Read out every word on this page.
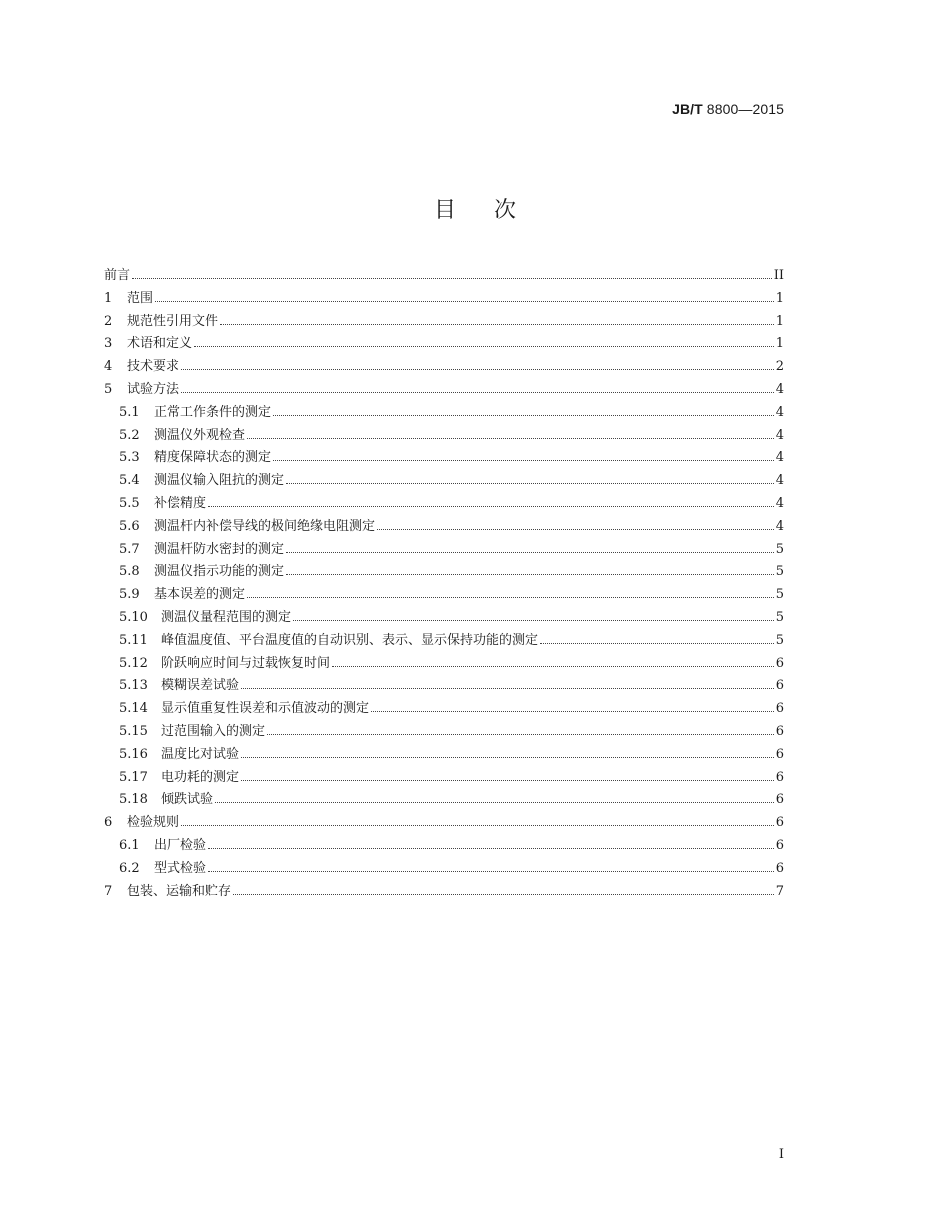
JB/T 8800—2015
目次
前言	II
1	范围	1
2	规范性引用文件	1
3	术语和定义	1
4	技术要求	2
5	试验方法	4
5.1	正常工作条件的测定	4
5.2	测温仪外观检查	4
5.3	精度保障状态的测定	4
5.4	测温仪输入阻抗的测定	4
5.5	补偿精度	4
5.6	测温杆内补偿导线的极间绝缘电阻测定	4
5.7	测温杆防水密封的测定	5
5.8	测温仪指示功能的测定	5
5.9	基本误差的测定	5
5.10	测温仪量程范围的测定	5
5.11	峰值温度值、平台温度值的自动识别、表示、显示保持功能的测定	5
5.12	阶跃响应时间与过载恢复时间	6
5.13	模糊误差试验	6
5.14	显示值重复性误差和示值波动的测定	6
5.15	过范围输入的测定	6
5.16	温度比对试验	6
5.17	电功耗的测定	6
5.18	倾跌试验	6
6	检验规则	6
6.1	出厂检验	6
6.2	型式检验	6
7	包装、运输和贮存	7
I
